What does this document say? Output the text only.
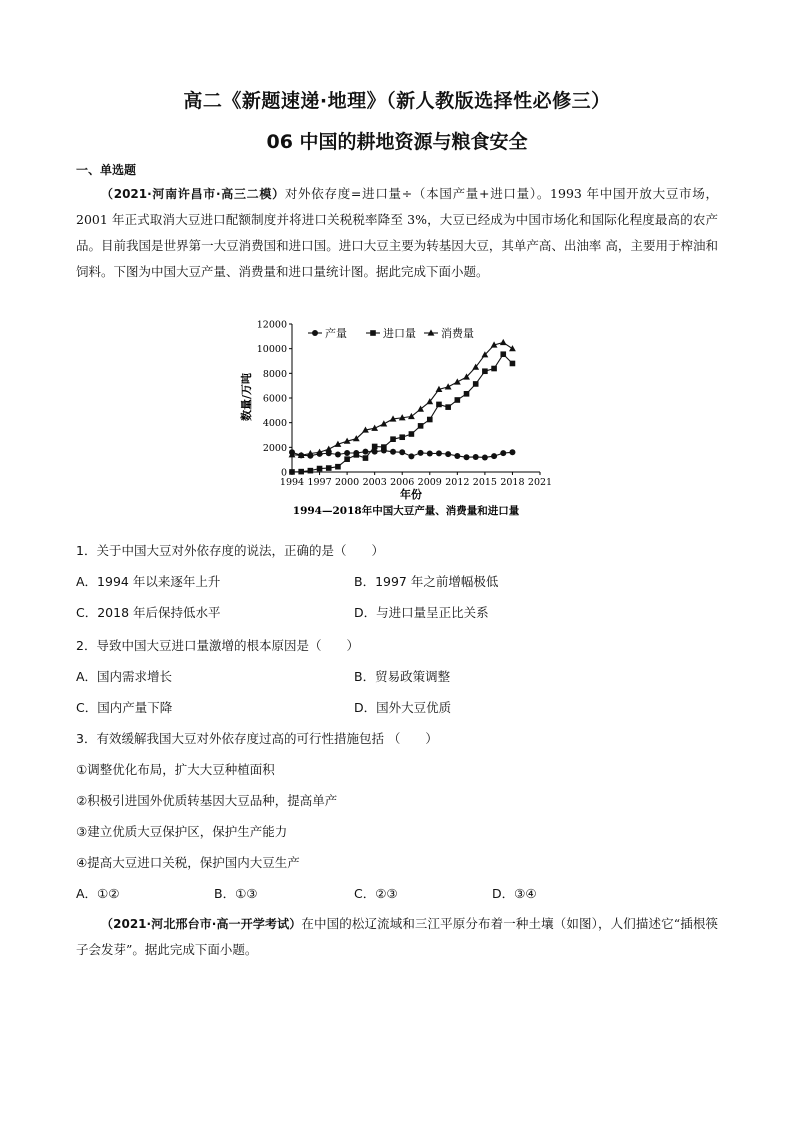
高二《新题速递·地理》（新人教版选择性必修三）
06 中国的耕地资源与粮食安全
一、单选题
（2021·河南许昌市·高三二模）对外依存度=进口量÷（本国产量+进口量）。1993 年中国开放大豆市场，2001 年正式取消大豆进口配额制度并将进口关税税率降至 3%，大豆已经成为中国市场化和国际化程度最高的农产 品。目前我国是世界第一大豆消费国和进口国。进口大豆主要为转基因大豆，其单产高、出油率 高，主要用于榨油和饲料。下图为中国大豆产量、消费量和进口量统计图。据此完成下面小题。
0
2000
4000
6000
8000
10000
12000
1994 1997 2000 2003 2006 2009 2012 2015 2018 2021
产量	进口量 消费量
年份
数量/万吨
1994—2018年中国大豆产量、消费量和进口量
1．关于中国大豆对外依存度的说法，正确的是（　　）
A．1994 年以来逐年上升	B．1997 年之前增幅极低
C．2018 年后保持低水平	D．与进口量呈正比关系
2．导致中国大豆进口量激增的根本原因是（　　）
A．国内需求增长	B．贸易政策调整
C．国内产量下降	D．国外大豆优质
3．有效缓解我国大豆对外依存度过高的可行性措施包括 （　　）
①调整优化布局，扩大大豆种植面积
②积极引进国外优质转基因大豆品种，提高单产
③建立优质大豆保护区，保护生产能力
④提高大豆进口关税，保护国内大豆生产
A．①②	B．①③	C．②③	D．③④
（2021·河北邢台市·高一开学考试）在中国的松辽流域和三江平原分布着一种土壤（如图），人们描述它“插根筷子会发芽”。据此完成下面小题。
